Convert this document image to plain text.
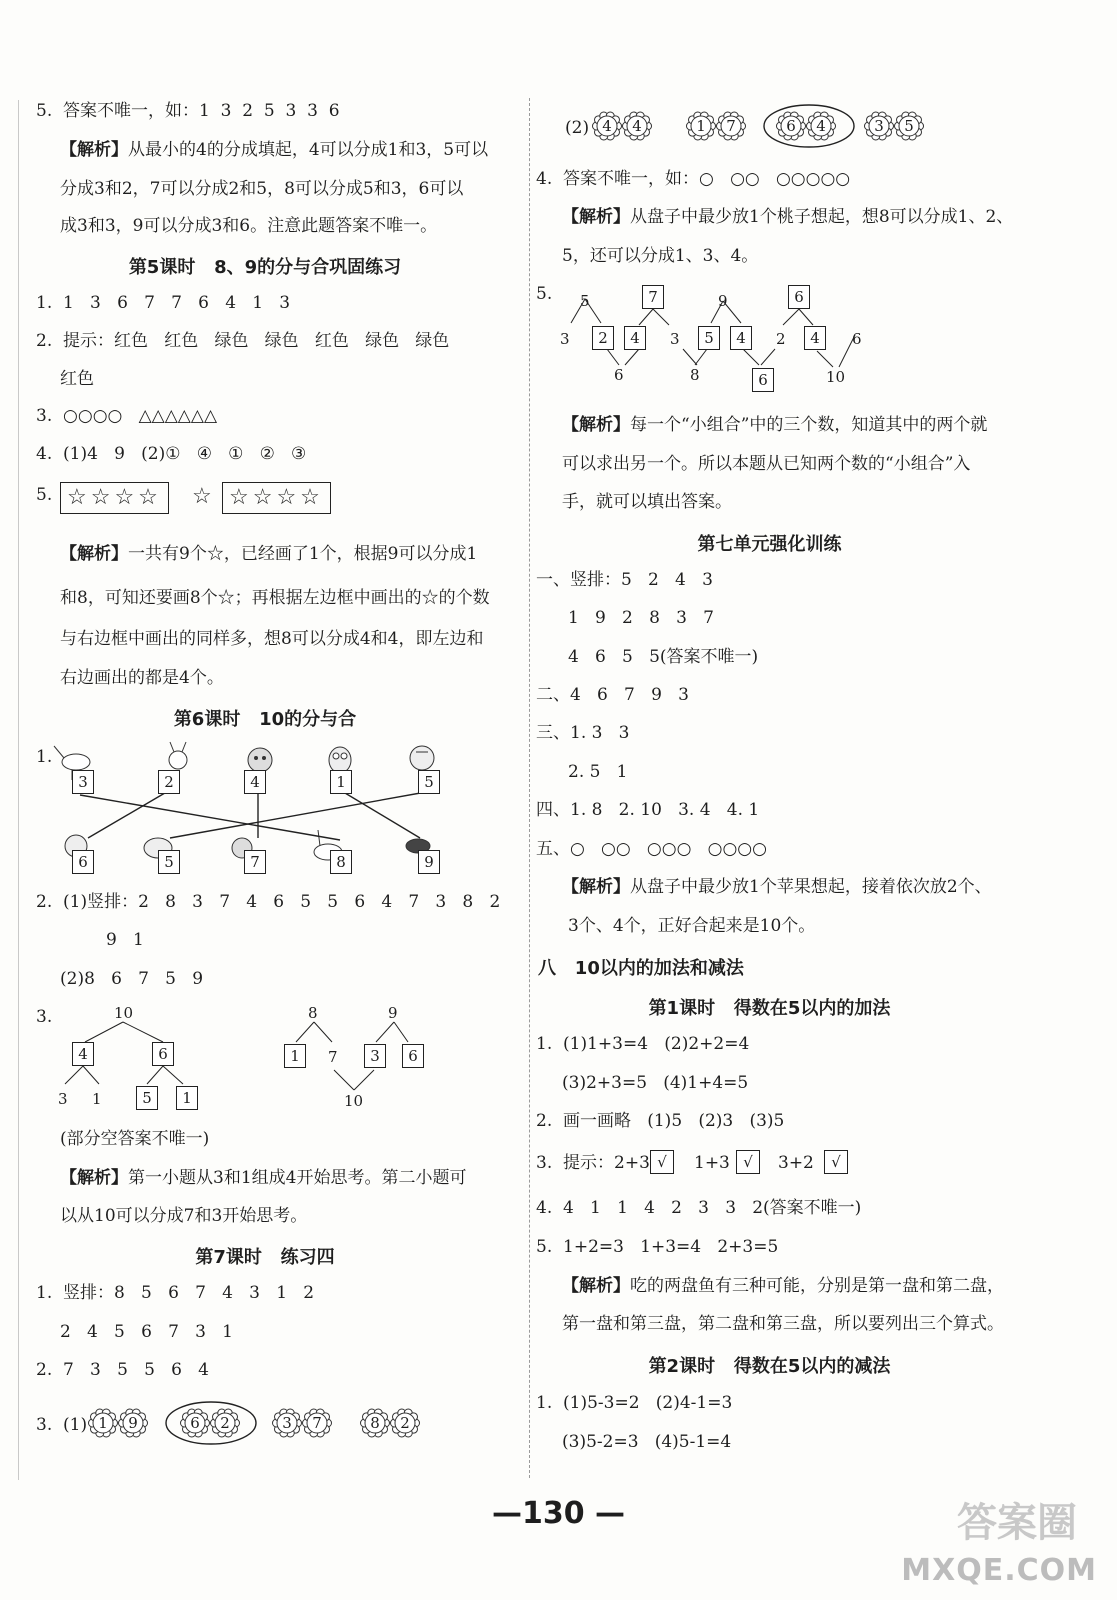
5.  答案不唯一，如：1  3  2  5  3  3  6
【解析】从最小的4的分成填起，4可以分成1和3，5可以
分成3和2，7可以分成2和5，8可以分成5和3，6可以
成3和3，9可以分成3和6。注意此题答案不唯一。
第5课时   8、9的分与合巩固练习
1.  1   3   6   7   7   6   4   1   3
2.  提示：红色   红色   绿色   绿色   红色   绿色   绿色
红色
3.  ○○○○   △△△△△△
4.  (1)4   9   (2)①   ④   ①   ②   ③
5. ☆☆☆☆	☆ ☆☆☆☆
【解析】一共有9个☆，已经画了1个，根据9可以分成1
和8，可知还要画8个☆；再根据左边框中画出的☆的个数
与右边框中画出的同样多，想8可以分成4和4，即左边和
右边画出的都是4个。
第6课时   10的分与合
1.
3	2	4	1	5
6	5	7	8	9
2.  (1)竖排：2   8   3   7   4   6   5   5   6   4   7   3   8   2
9   1
(2)8   6   7   5   9
3.	10
4	6
3 1	5	1
8	9
1	7	3	6
10
(部分空答案不唯一)
【解析】第一小题从3和1组成4开始思考。第二小题可
以从10可以分成7和3开始思考。
第7课时   练习四
1.  竖排：8   5   6   7   4   3   1   2
2   4   5   6   7   3   1
2.  7   3   5   5   6   4
3.  (1)
(2)
4.  答案不唯一，如：○   ○○   ○○○○○
【解析】从盘子中最少放1个桃子想起，想8可以分成1、2、
5，还可以分成1、3、4。
5. 5
3	2
6
7
4	3	5
8
9
4
6
6
2	4	6
10
【解析】每一个“小组合”中的三个数，知道其中的两个就
可以求出另一个。所以本题从已知两个数的“小组合”入
手，就可以填出答案。
第七单元强化训练
一、竖排：5   2   4   3
1   9   2   8   3   7
4   6   5   5(答案不唯一)
二、4   6   7   9   3
三、1. 3   3
2. 5   1
四、1. 8   2. 10   3. 4   4. 1
五、○   ○○   ○○○   ○○○○
【解析】从盘子中最少放1个苹果想起，接着依次放2个、
3个、4个，正好合起来是10个。
八   10以内的加法和减法
第1课时   得数在5以内的加法
1.  (1)1+3=4   (2)2+2=4
(3)2+3=5   (4)1+4=5
2.  画一画略   (1)5   (2)3   (3)5
3.  提示：2+3 √	1+3 √	3+2	√
4.  4   1   1   4   2   3   3   2(答案不唯一)
5.  1+2=3   1+3=4   2+3=5
【解析】吃的两盘鱼有三种可能，分别是第一盘和第二盘，
第一盘和第三盘，第二盘和第三盘，所以要列出三个算式。
第2课时   得数在5以内的减法
1.  (1)5-3=2   (2)4-1=3
(3)5-2=3   (4)5-1=4
—130 —	答案圈
MXQE.COM
1	9	6	2	3	7	8	2
4	4	1	7	6	4	3	5
